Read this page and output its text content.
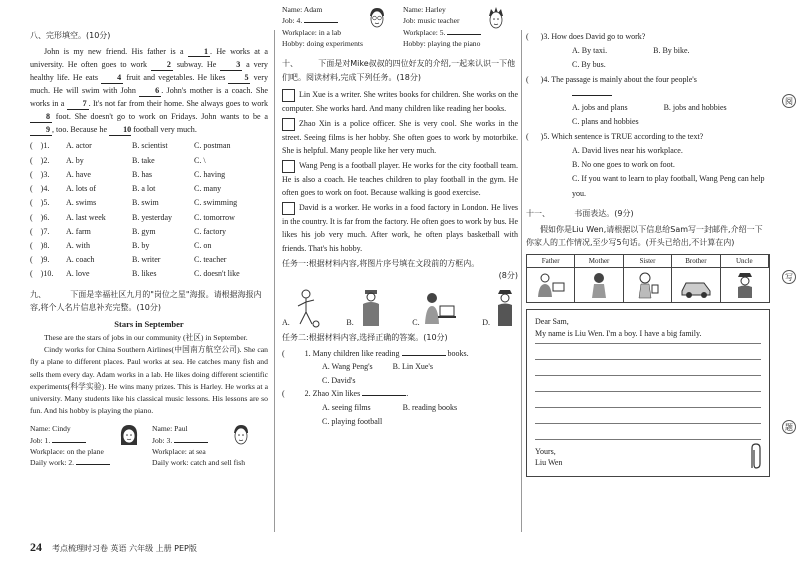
八、完形填空。(10分)
John is my new friend. His father is a	1 . He works at a university. He often goes to work 2 subway. He 3 a very healthy life. He eats 4 fruit and vegetables. He likes 5 very much. He will swim with John 6 . John's mother is a coach. She works in a 7 . It's not far from their home. She always goes to work 8 foot. She doesn't go to work on Fridays. John wants to be a 9 , too. Because he 10 football very much.
( )1.	A. actor	B. scientist	C. postman
( )2.	A. by	B. take	C. \
( )3.	A. have	B. has	C. having
( )4.	A. lots of	B. a lot	C. many
( )5.	A. swims	B. swim	C. swimming
( )6.	A. last week	B. yesterday	C. tomorrow
( )7.	A. farm	B. gym	C. factory
( )8.	A. with	B. by	C. on
( )9.	A. coach	B. writer	C. teacher
( )10.	A. love	B. likes	C. doesn't like
九、	下面是幸福社区九月的"岗位之星"海报。请根据海报内容,将个人名片信息补充完整。(10分)
Stars in September
These are the stars of jobs in our community (社区) in September.
Cindy works for China Southern Airlines(中国南方航空公司). She can fly a plane to different places. Paul works at sea. He catches many fish and sells them every day. Adam works in a lab. He likes doing different scientific experiments(科学实验). He wins many prizes. This is Harley. He works at a university. Many students like his classical music lessons. His lessons are so fun. And his hobby is playing the piano.
Name: Cindy
Job: 1.
Workplace: on the plane
Daily work: 2.
Name: Paul
Job: 3.
Workplace: at sea
Daily work: catch and sell fish
Name: Adam
Job: 4.
Workplace: in a lab
Hobby: doing experiments
Name: Harley
Job: music teacher
Workplace: 5.
Hobby: playing the piano
十、	下面是对Mike叔叔的四位好友的介绍,一起来认识一下他们吧。阅读材料,完成下列任务。(18分)
Lin Xue is a writer. She writes books for children. She works on the computer. She works hard. And many children like reading her books.
Zhao Xin is a police officer. She is very cool. She works in the street. Seeing films is her hobby. She often goes to work by motorbike. She is helpful. Many people like her very much.
Wang Peng is a football player. He works for the city football team. He is also a coach. He teaches children to play football in the gym. He often goes to work on foot. Because walking is good exercise.
David is a worker. He works in a food factory in London. He lives in the country. It is far from the factory. He often goes to work by bus. He likes his job very much. After work, he often plays basketball with friends. That's his hobby.
任务一:根据材料内容,将图片序号填在文段前的方框内。
(8分)
A.	B.	C.	D.
任务二:根据材料内容,选择正确的答案。(10分)
(	1. Many children like reading	books.
A. Wang Peng's	B. Lin Xue's
C. David's
(	2. Zhao Xin likes	.
A. seeing films	B. reading books
C. playing football
( )3. How does David go to work?
A. By taxi.	B. By bike.
C. By bus.
( )4. The passage is mainly about the four people's
A. jobs and plans	B. jobs and hobbies
C. plans and hobbies
( )5. Which sentence is TRUE according to the text?
A. David lives near his workplace.
B. No one goes to work on foot.
C. If you want to learn to play football, Wang Peng can help you.
十一、	书面表达。(9分)
假如你是Liu Wen,请根据以下信息给Sam写一封邮件,介绍一下你家人的工作情况,至少写5句话。(开头已给出,不计算在内)
Father	Mother	Sister	Brother	Uncle
Dear Sam,
My name is Liu Wen. I'm a boy. I have a big family.
Yours,
Liu Wen
阅
写
题
24 考点梳理时习卷 英语 六年级 上册 PEP版
